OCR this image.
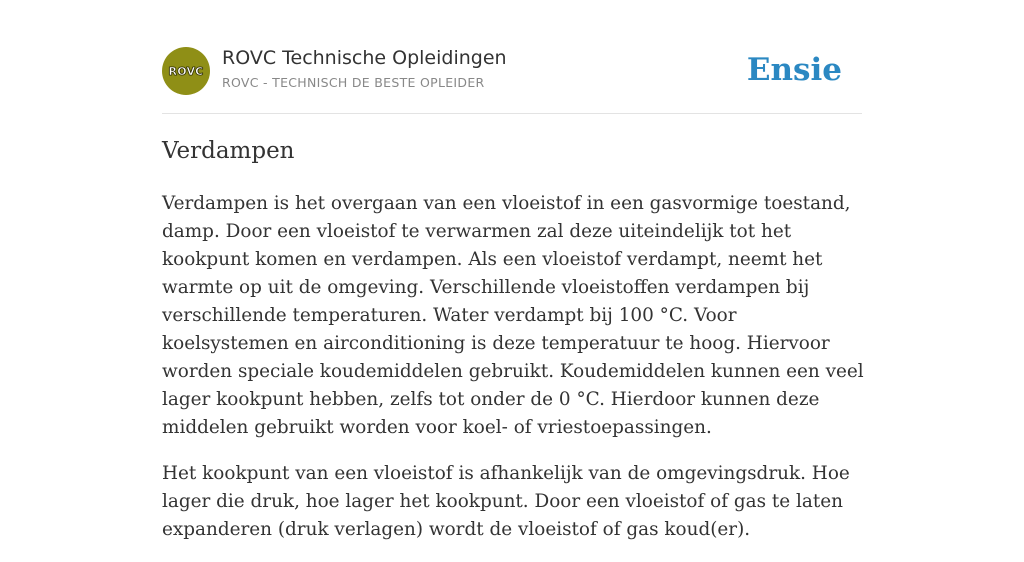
ROVC
ROVC Technische Opleidingen
ROVC - TECHNISCH DE BESTE OPLEIDER	Ensie
Verdampen

Verdampen is het overgaan van een vloeistof in een gasvormige toestand, damp. Door een vloeistof te verwarmen zal deze uiteindelijk tot het kookpunt komen en verdampen. Als een vloeistof verdampt, neemt het warmte op uit de omgeving. Verschillende vloeistoffen verdampen bij verschillende temperaturen. Water verdampt bij 100 °C. Voor koelsystemen en airconditioning is deze temperatuur te hoog. Hiervoor worden speciale koudemiddelen gebruikt. Koudemiddelen kunnen een veel lager kookpunt hebben, zelfs tot onder de 0 °C. Hierdoor kunnen deze middelen gebruikt worden voor koel- of vriestoepassingen.

Het kookpunt van een vloeistof is afhankelijk van de omgevingsdruk. Hoe lager die druk, hoe lager het kookpunt. Door een vloeistof of gas te laten expanderen (druk verlagen) wordt de vloeistof of gas koud(er).
